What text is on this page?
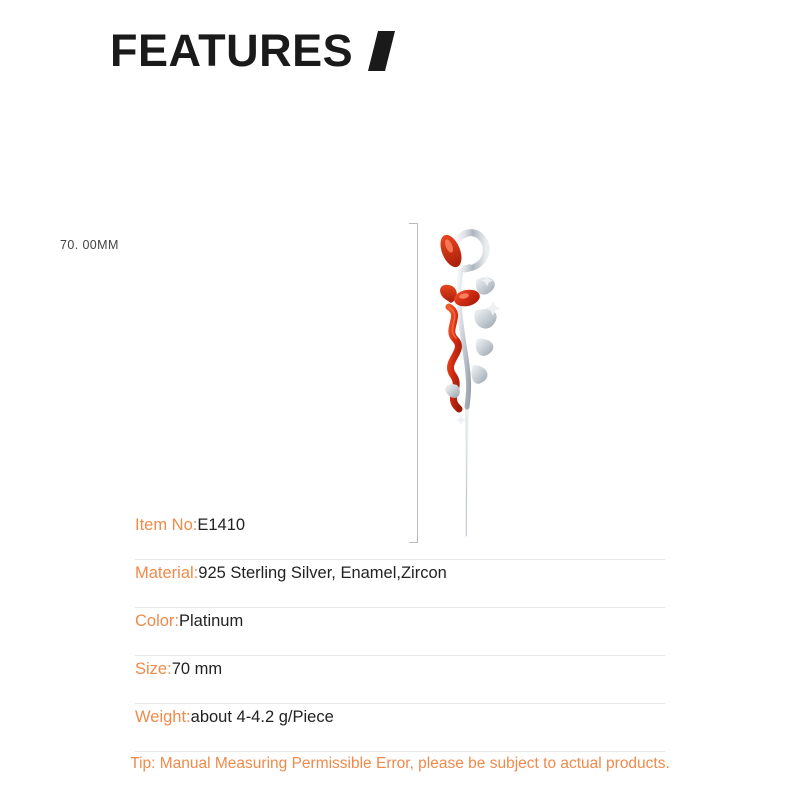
FEATURES
70. 00MM
Item No: E1410
Material: 925 Sterling Silver, Enamel,Zircon
Color: Platinum
Size: 70 mm
Weight: about 4-4.2 g/Piece
Tip: Manual Measuring Permissible Error, please be subject to actual products.
